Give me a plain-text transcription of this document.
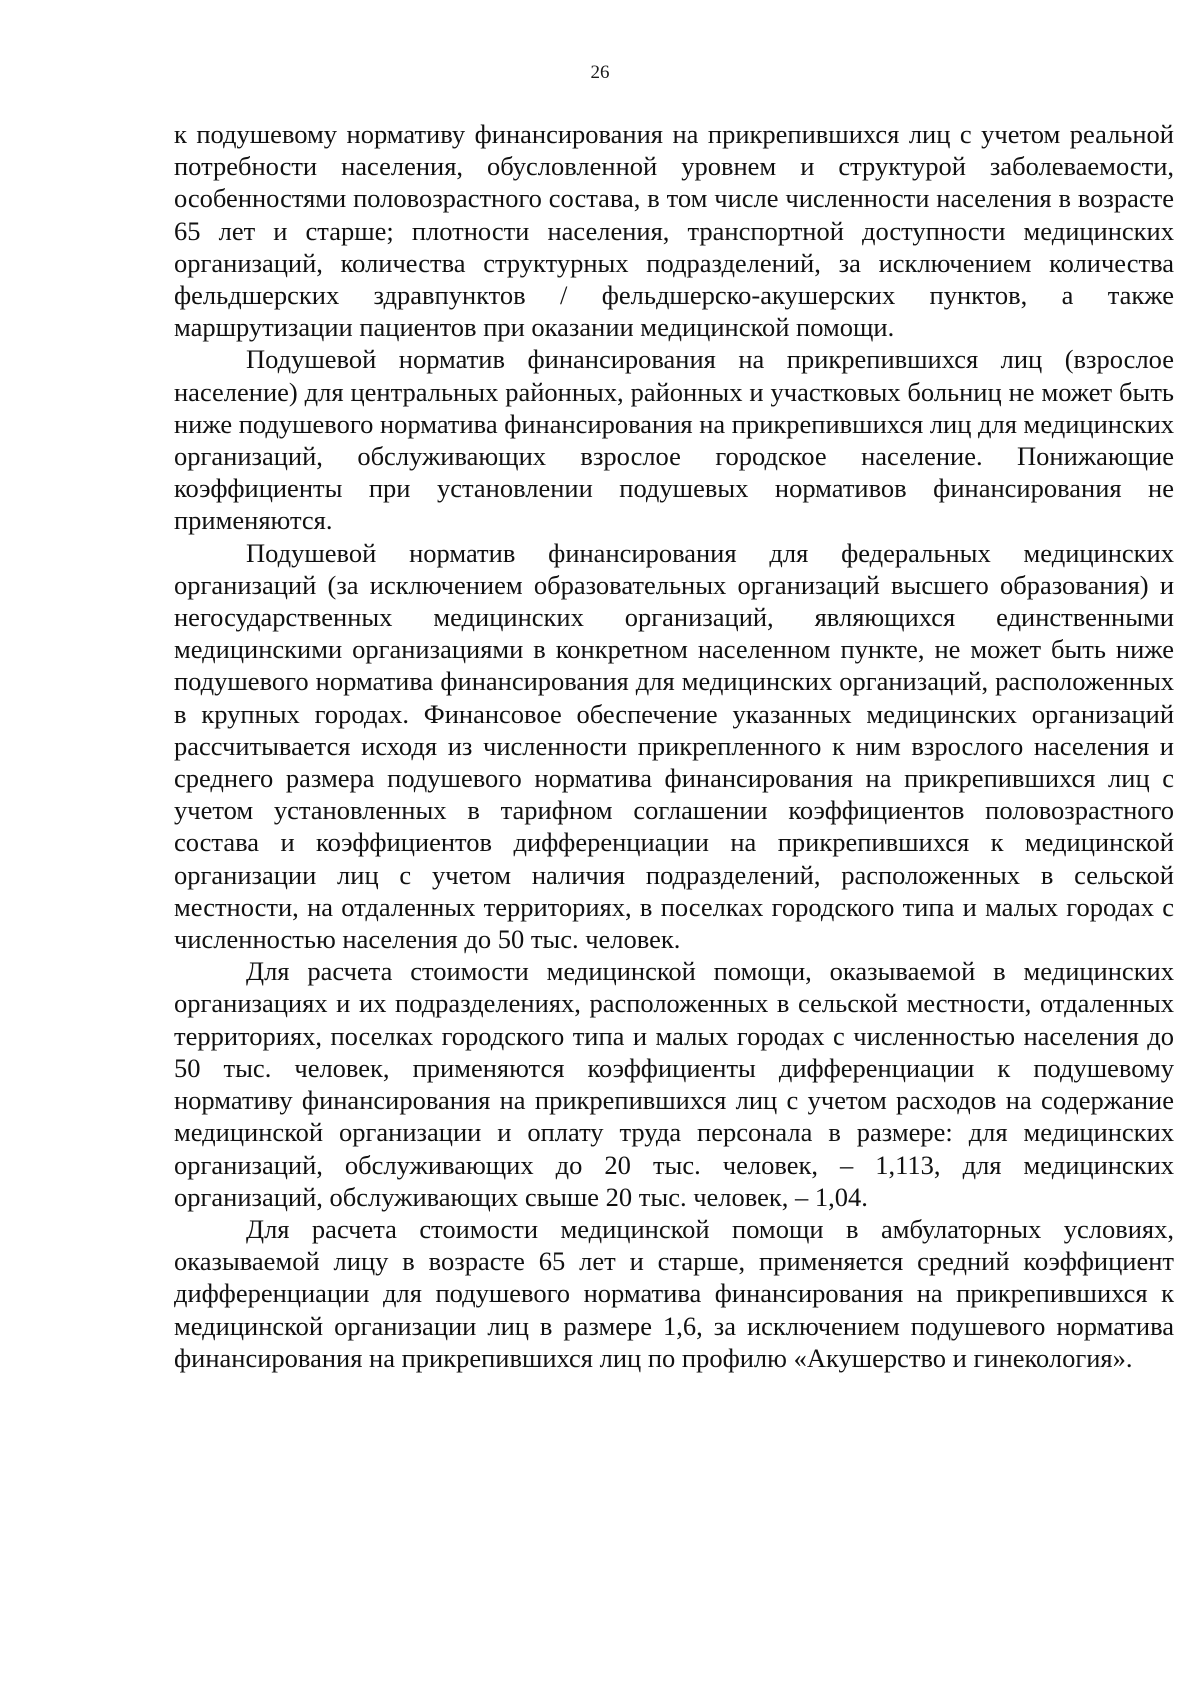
26

к подушевому нормативу финансирования на прикрепившихся лиц с учетом реальной потребности населения, обусловленной уровнем и структурой заболеваемости, особенностями половозрастного состава, в том числе численности населения в возрасте 65 лет и старше; плотности населения, транспортной доступности медицинских организаций, количества структурных подразделений, за исключением количества фельдшерских здравпунктов / фельдшерско-акушерских пунктов, а также маршрутизации пациентов при оказании медицинской помощи.

Подушевой норматив финансирования на прикрепившихся лиц (взрослое население) для центральных районных, районных и участковых больниц не может быть ниже подушевого норматива финансирования на прикрепившихся лиц для медицинских организаций, обслуживающих взрослое городское население. Понижающие коэффициенты при установлении подушевых нормативов финансирования не применяются.

Подушевой норматив финансирования для федеральных медицинских организаций (за исключением образовательных организаций высшего образования) и негосударственных медицинских организаций, являющихся единственными медицинскими организациями в конкретном населенном пункте, не может быть ниже подушевого норматива финансирования для медицинских организаций, расположенных в крупных городах. Финансовое обеспечение указанных медицинских организаций рассчитывается исходя из численности прикрепленного к ним взрослого населения и среднего размера подушевого норматива финансирования на прикрепившихся лиц с учетом установленных в тарифном соглашении коэффициентов половозрастного состава и коэффициентов дифференциации на прикрепившихся к медицинской организации лиц с учетом наличия подразделений, расположенных в сельской местности, на отдаленных территориях, в поселках городского типа и малых городах с численностью населения до 50 тыс. человек.

Для расчета стоимости медицинской помощи, оказываемой в медицинских организациях и их подразделениях, расположенных в сельской местности, отдаленных территориях, поселках городского типа и малых городах с численностью населения до 50 тыс. человек, применяются коэффициенты дифференциации к подушевому нормативу финансирования на прикрепившихся лиц с учетом расходов на содержание медицинской организации и оплату труда персонала в размере: для медицинских организаций, обслуживающих до 20 тыс. человек, – 1,113, для медицинских организаций, обслуживающих свыше 20 тыс. человек, – 1,04.

Для расчета стоимости медицинской помощи в амбулаторных условиях, оказываемой лицу в возрасте 65 лет и старше, применяется средний коэффициент дифференциации для подушевого норматива финансирования на прикрепившихся к медицинской организации лиц в размере 1,6, за исключением подушевого норматива финансирования на прикрепившихся лиц по профилю «Акушерство и гинекология».
